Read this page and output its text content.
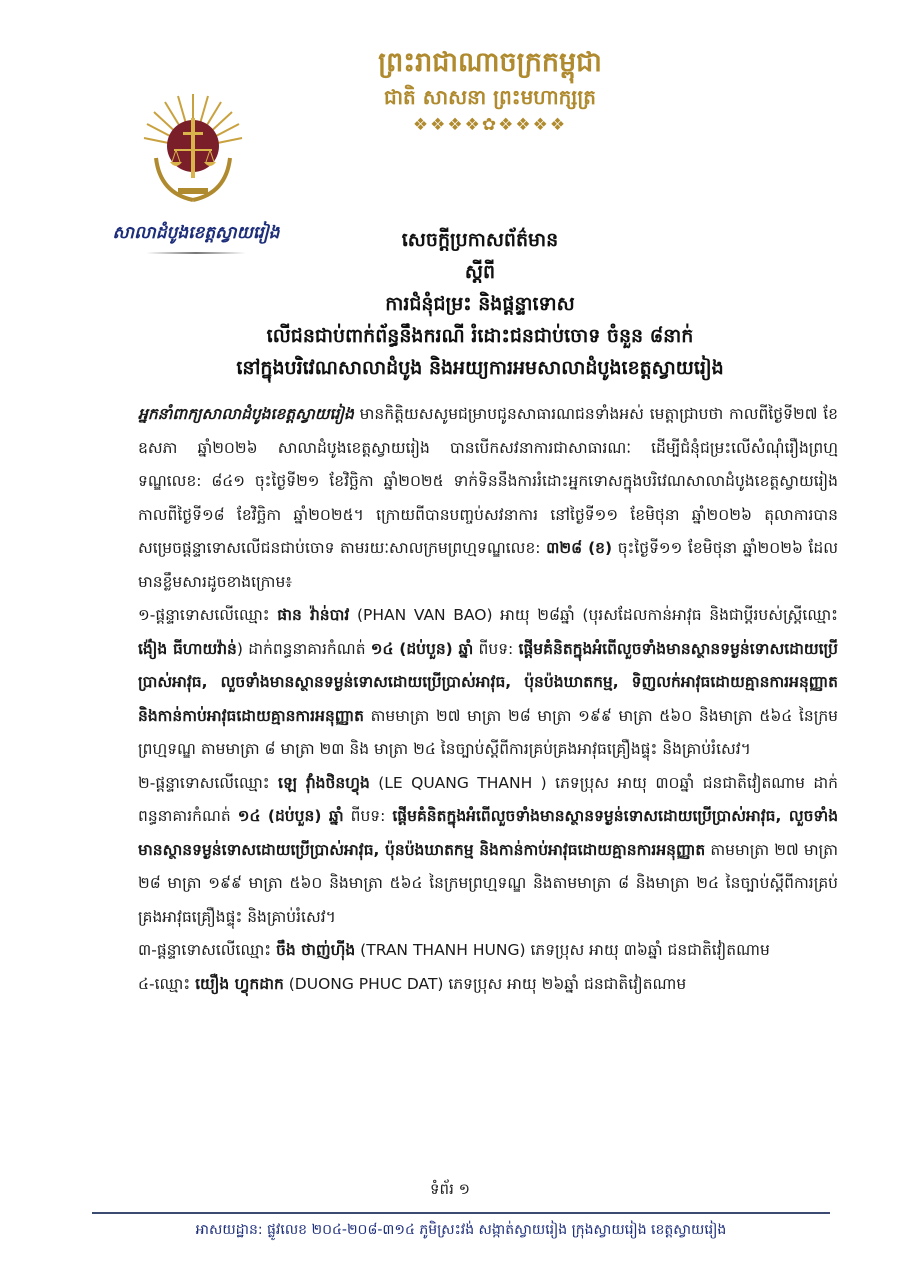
ព្រះរាជាណាចក្រកម្ពុជា
ជាតិ សាសនា ព្រះមហាក្សត្រ
❖❖❖❖✿❖❖❖❖
សាលាដំបូងខេត្តស្វាយរៀង	សេចក្តីប្រកាសព័ត៌មាន
ស្តីពី
ការជំនុំជម្រះ និងផ្តន្ទាទោស
លើជនជាប់ពាក់ព័ន្ធនឹងករណី រំដោះជនជាប់ចោទ ចំនួន ៨នាក់
នៅក្នុងបរិវេណសាលាដំបូង និងអយ្យការអមសាលាដំបូងខេត្តស្វាយរៀង

អ្នកនាំពាក្យសាលាដំបូងខេត្តស្វាយរៀង មានកិត្តិយសសូមជម្រាបជូនសាធារណជនទាំងអស់ មេត្តាជ្រាបថា កាលពីថ្ងៃទី២៧ ខែឧសភា ឆ្នាំ២០២៦ សាលាដំបូងខេត្តស្វាយរៀង បានបើកសវនាការជាសាធារណៈ ដើម្បីជំនុំជម្រះលើសំណុំរឿងព្រហ្មទណ្ឌលេខ: ៨៤១ ចុះថ្ងៃទី២១ ខែវិច្ឆិកា ឆ្នាំ២០២៥ ទាក់ទិននឹងការរំដោះអ្នកទោសក្នុងបរិវេណសាលាដំបូងខេត្តស្វាយរៀង កាលពីថ្ងៃទី១៨ ខែវិច្ឆិកា ឆ្នាំ២០២៥។ ក្រោយពីបានបញ្ចប់សវនាការ នៅថ្ងៃទី១១ ខែមិថុនា ឆ្នាំ២០២៦ តុលាការបានសម្រេចផ្តន្ទាទោសលើជនជាប់ចោទ តាមរយៈសាលក្រមព្រហ្មទណ្ឌលេខ: ៣២៨ (ខ) ចុះថ្ងៃទី១១ ខែមិថុនា ឆ្នាំ២០២៦ ដែលមានខ្លឹមសារដូចខាងក្រោម៖

១-ផ្តន្ទាទោសលើឈ្មោះ ផាន វ៉ាន់បាវ (PHAN VAN BAO) អាយុ ២៨ឆ្នាំ (បុរសដែលកាន់អាវុធ និងជាប្តីរបស់ស្ត្រីឈ្មោះ ង៉ៀង ធីហាយវ៉ាន់) ដាក់ពន្ធនាគារកំណត់ ១៤ (ដប់បួន) ឆ្នាំ ពីបទ: ផ្តើមគំនិតក្នុងអំពើលួចទាំងមានស្ថានទម្ងន់ទោសដោយប្រើប្រាស់អាវុធ, លួចទាំងមានស្ថានទម្ងន់ទោសដោយប្រើប្រាស់អាវុធ, ប៉ុនប៉ងឃាតកម្ម, ទិញលក់អាវុធដោយគ្មានការអនុញ្ញាត និងកាន់កាប់អាវុធដោយគ្មានការអនុញ្ញាត តាមមាត្រា ២៧ មាត្រា ២៨ មាត្រា ១៩៩ មាត្រា ៥៦០ និងមាត្រា ៥៦៤ នៃក្រមព្រហ្មទណ្ឌ តាមមាត្រា ៨ មាត្រា ២៣ និង មាត្រា ២៤ នៃច្បាប់ស្តីពីការគ្រប់គ្រងអាវុធគ្រឿងផ្ទុះ និងគ្រាប់រំសេវ។

២-ផ្តន្ទាទោសលើឈ្មោះ ឡេ វ៉ាំងថិនហ្វុង (LE QUANG THANH ) ភេទប្រុស អាយុ ៣០ឆ្នាំ ជនជាតិវៀតណាម ដាក់ពន្ធនាគារកំណត់ ១៤ (ដប់បួន) ឆ្នាំ ពីបទ: ផ្តើមគំនិតក្នុងអំពើលួចទាំងមានស្ថានទម្ងន់ទោសដោយប្រើប្រាស់អាវុធ, លួចទាំងមានស្ថានទម្ងន់ទោសដោយប្រើប្រាស់អាវុធ, ប៉ុនប៉ងឃាតកម្ម និងកាន់កាប់អាវុធដោយគ្មានការអនុញ្ញាត តាមមាត្រា ២៧ មាត្រា ២៨ មាត្រា ១៩៩ មាត្រា ៥៦០ និងមាត្រា ៥៦៤ នៃក្រមព្រហ្មទណ្ឌ និងតាមមាត្រា ៨ និងមាត្រា ២៤ នៃច្បាប់ស្តីពីការគ្រប់គ្រងអាវុធគ្រឿងផ្ទុះ និងគ្រាប់រំសេវ។

៣-ផ្តន្ទាទោសលើឈ្មោះ ចឹង ថាញ់ហ៊ីង (TRAN THANH HUNG) ភេទប្រុស អាយុ ៣៦ឆ្នាំ ជនជាតិវៀតណាម

៤-ឈ្មោះ យឿង ហ្វុកដាក (DUONG PHUC DAT) ភេទប្រុស អាយុ ២៦ឆ្នាំ ជនជាតិវៀតណាម

ទំព័រ ១
អាសយដ្ឋាន: ផ្លូវលេខ ២០៤-២០៨-៣១៤ ភូមិស្រះវង់ សង្កាត់ស្វាយរៀង ក្រុងស្វាយរៀង ខេត្តស្វាយរៀង
